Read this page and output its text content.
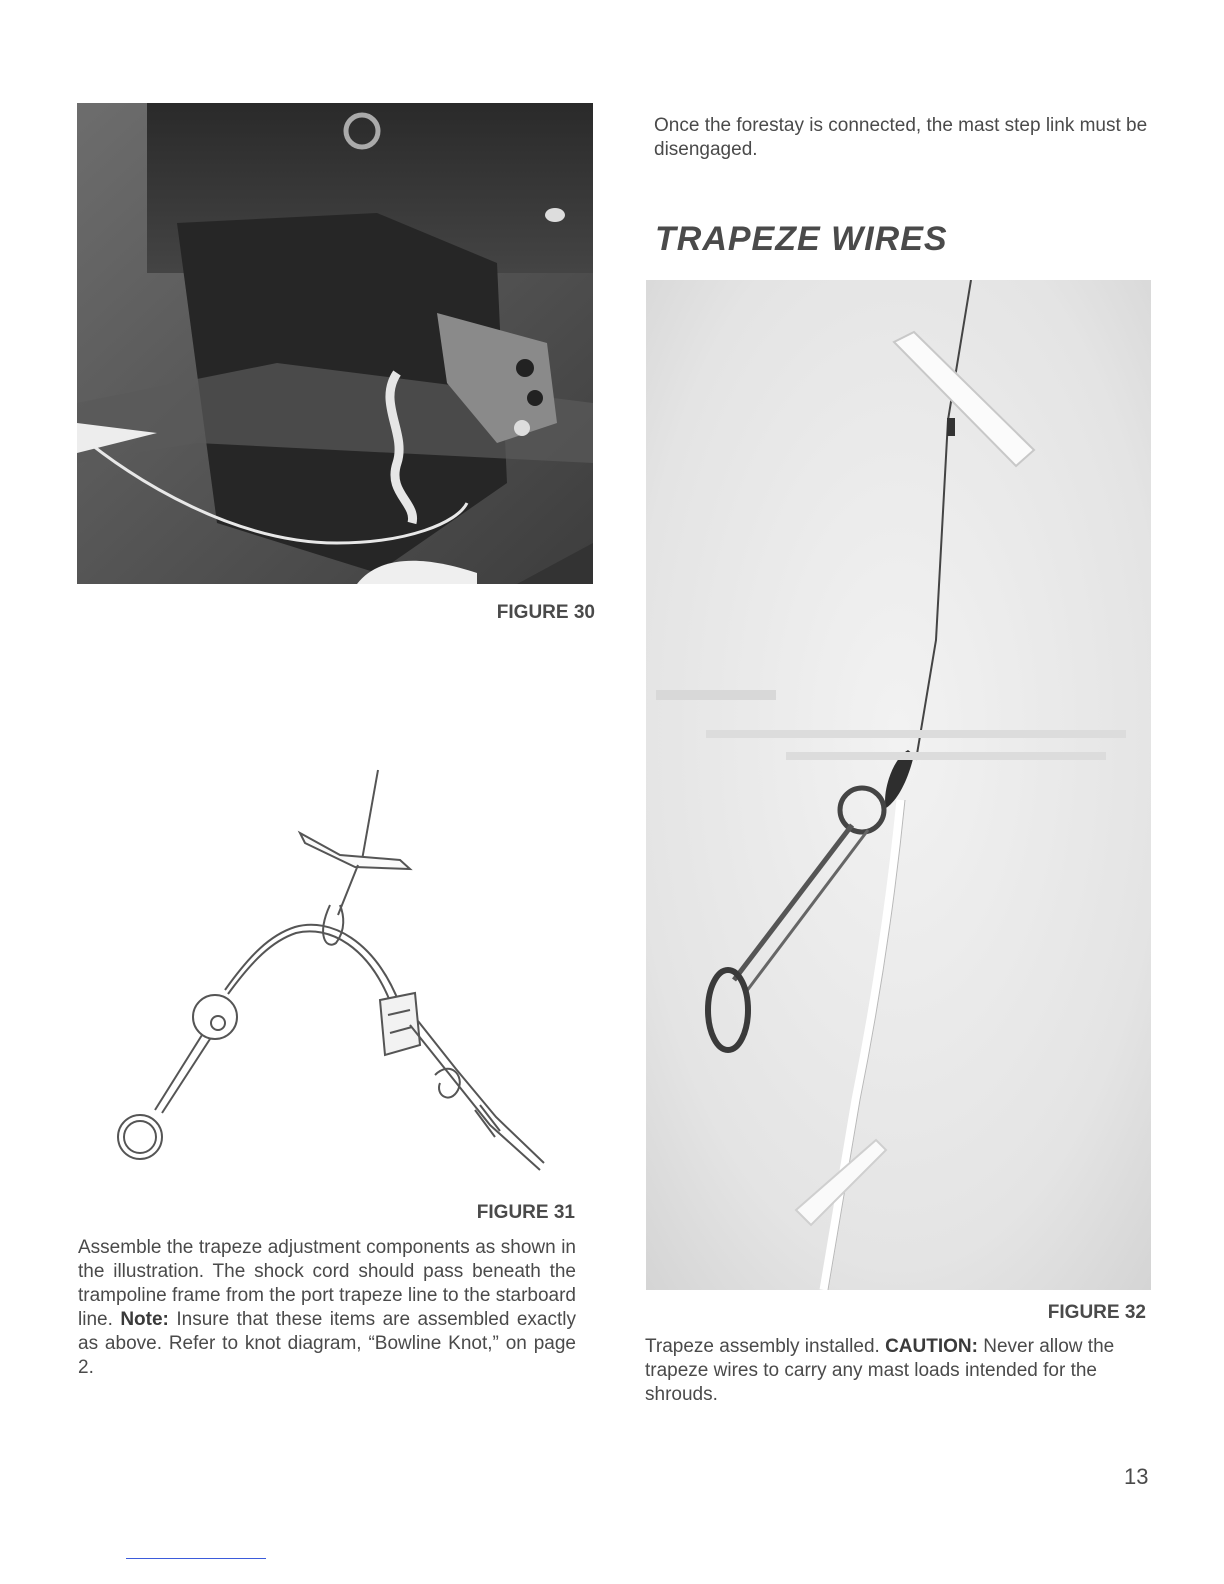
FIGURE 30
FIGURE 31
Assemble the trapeze adjustment components as shown in the illustration. The shock cord should pass beneath the trampoline frame from the port trapeze line to the starboard line. Note: Insure that these items are assembled exactly as above. Refer to knot diagram, “Bowline Knot,” on page 2.
Once the forestay is connected, the mast step link must be disengaged.
TRAPEZE WIRES
FIGURE 32
Trapeze assembly installed. CAUTION: Never allow the trapeze wires to carry any mast loads intended for the shrouds.
13
